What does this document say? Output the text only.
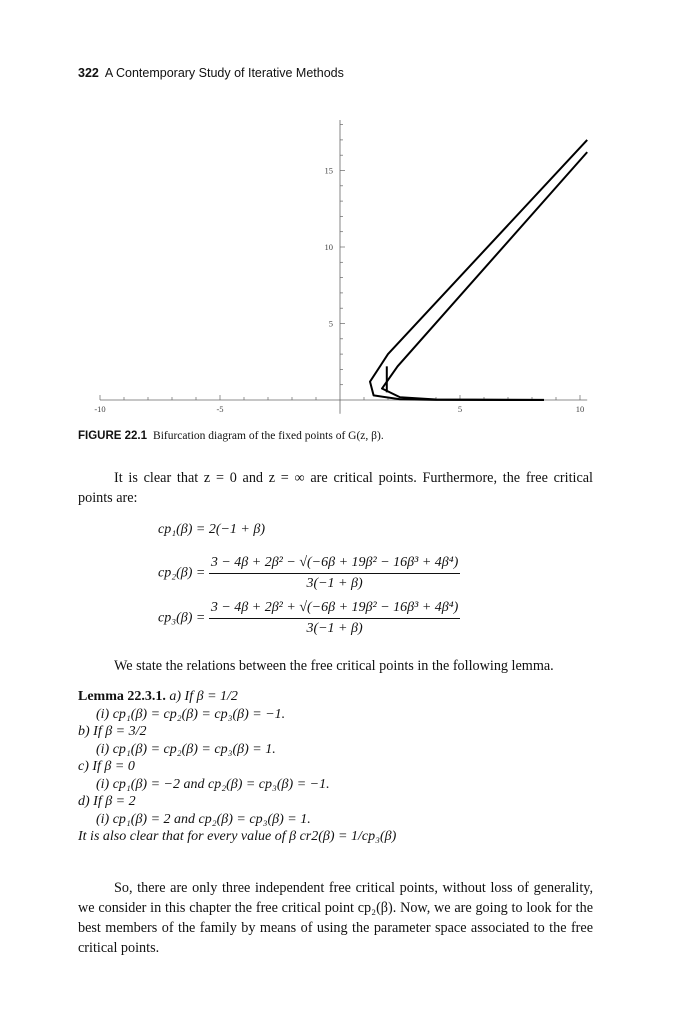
322 A Contemporary Study of Iterative Methods
-10	-5	5	10
15
10
5
FIGURE 22.1 Bifurcation diagram of the fixed points of G(z, β).
It is clear that z = 0 and z = ∞ are critical points. Furthermore, the free critical points are:
cp₁(β) = 2(−1 + β)
$cp_2(\beta) = \frac{\text{3 − 4β + 2β² − √(−6β + 19β² − 16β³ + 4β⁴)}}{3(-1 + \beta)}$
$cp_3(\beta) = \frac{\text{3 − 4β + 2β² + √(−6β + 19β² − 16β³ + 4β⁴)}}{3(-1 + \beta)}$
We state the relations between the free critical points in the following lemma.
Lemma 22.3.1. a) If β = 1/2
(i) cp₁(β) = cp₂(β) = cp₃(β) = −1.
b) If β = 3/2
(i) cp₁(β) = cp₂(β) = cp₃(β) = 1.
c) If β = 0
(i) cp₁(β) = −2 and cp₂(β) = cp₃(β) = −1.
d) If β = 2
(i) cp₁(β) = 2 and cp₂(β) = cp₃(β) = 1.
It is also clear that for every value of β cr2(β) = 1/cp₃(β)
So, there are only three independent free critical points, without loss of generality, we consider in this chapter the free critical point cp₂(β). Now, we are going to look for the best members of the family by means of using the parameter space associated to the free critical points.
